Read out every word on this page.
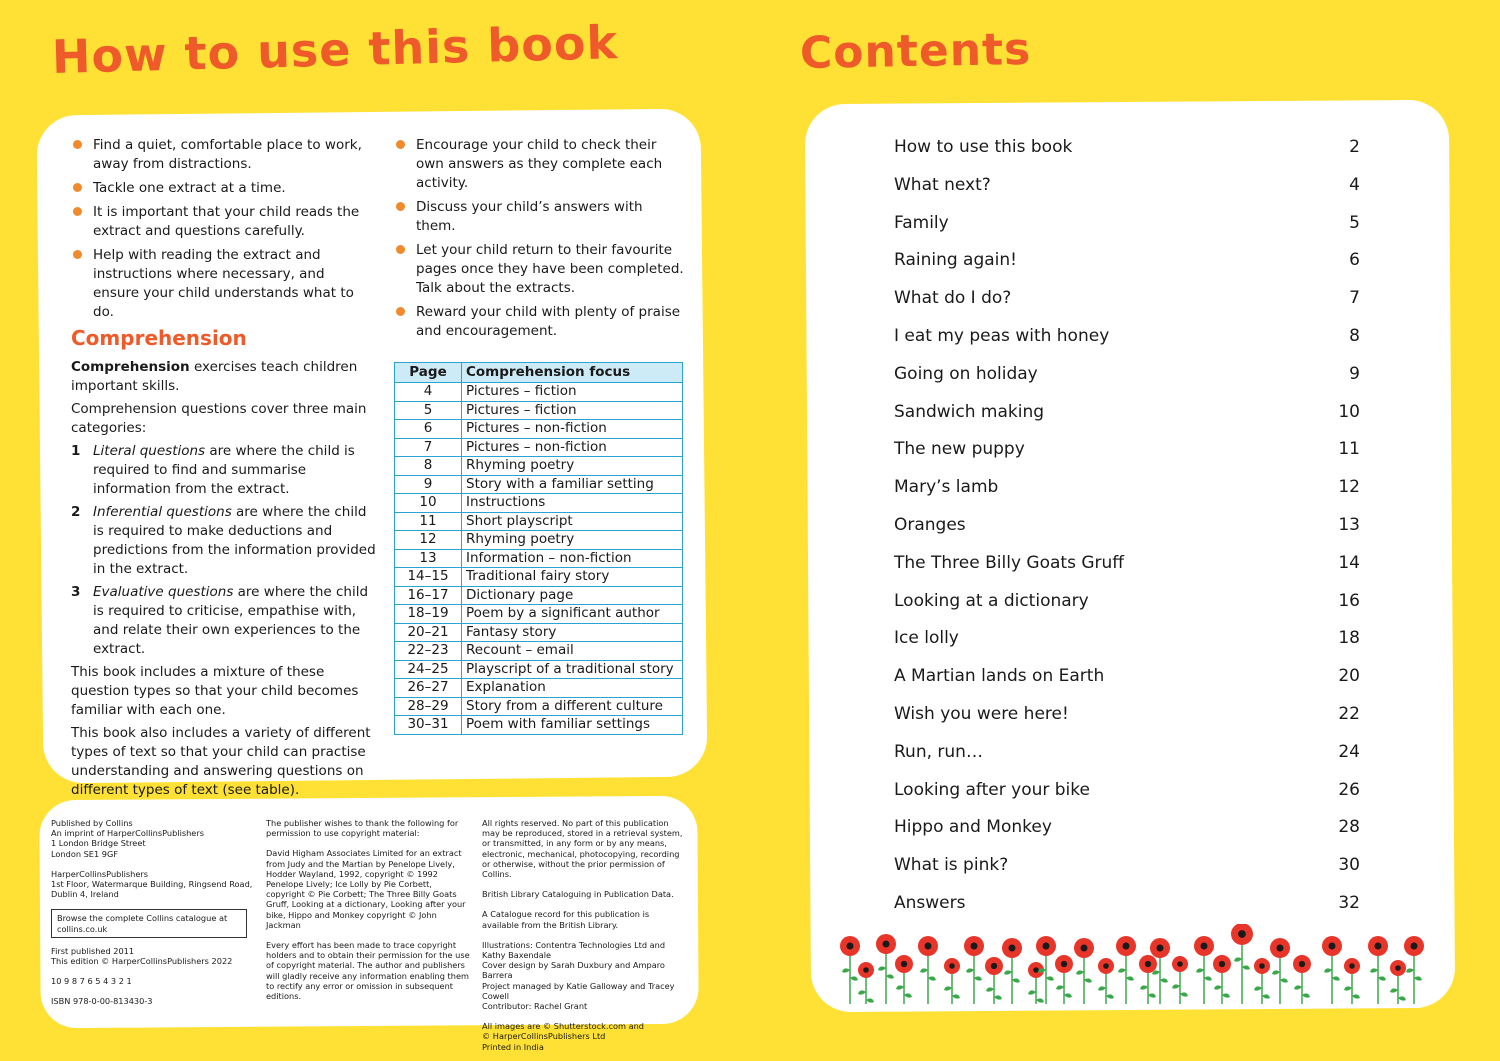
How to use this book	Contents
Find a quiet, comfortable place to work, away from distractions.
Tackle one extract at a time.
It is important that your child reads the extract and questions carefully.
Help with reading the extract and instructions where necessary, and ensure your child understands what to do.
Encourage your child to check their own answers as they complete each activity.
Discuss your child’s answers with them.
Let your child return to their favourite pages once they have been completed. Talk about the extracts.
Reward your child with plenty of praise and encouragement.
Comprehension

Comprehension exercises teach children important skills.

Comprehension questions cover three main categories:

1 Literal questions are where the child is required to find and summarise information from the extract.
2 Inferential questions are where the child is required to make deductions and predictions from the information provided in the extract.
3 Evaluative questions are where the child is required to criticise, empathise with, and relate their own experiences to the extract.

This book includes a mixture of these question types so that your child becomes familiar with each one.

This book also includes a variety of different types of text so that your child can practise understanding and answering questions on different types of text (see table).

Page	Comprehension focus
4	Pictures – fiction
5	Pictures – fiction
6	Pictures – non-fiction
7	Pictures – non-fiction
8	Rhyming poetry
9	Story with a familiar setting
10	Instructions
11	Short playscript
12	Rhyming poetry
13	Information – non-fiction
14–15	Traditional fairy story
16–17	Dictionary page
18–19	Poem by a significant author
20–21	Fantasy story
22–23	Recount – email
24–25	Playscript of a traditional story
26–27	Explanation
28–29	Story from a different culture
30–31	Poem with familiar settings

Published by Collins
An imprint of HarperCollinsPublishers
1 London Bridge Street
London SE1 9GF

HarperCollinsPublishers
1st Floor, Watermarque Building, Ringsend Road,
Dublin 4, Ireland

Browse the complete Collins catalogue at
collins.co.uk

First published 2011
This edition © HarperCollinsPublishers 2022

10 9 8 7 6 5 4 3 2 1

ISBN 978-0-00-813430-3

The publisher wishes to thank the following for permission to use copyright material:

David Higham Associates Limited for an extract from Judy and the Martian by Penelope Lively, Hodder Wayland, 1992, copyright © 1992 Penelope Lively; Ice Lolly by Pie Corbett, copyright © Pie Corbett; The Three Billy Goats Gruff, Looking at a dictionary, Looking after your bike, Hippo and Monkey copyright © John Jackman

Every effort has been made to trace copyright holders and to obtain their permission for the use of copyright material. The author and publishers will gladly receive any information enabling them to rectify any error or omission in subsequent editions.

All rights reserved. No part of this publication may be reproduced, stored in a retrieval system, or transmitted, in any form or by any means, electronic, mechanical, photocopying, recording or otherwise, without the prior permission of Collins.

British Library Cataloguing in Publication Data.

A Catalogue record for this publication is available from the British Library.

Illustrations: Contentra Technologies Ltd and Kathy Baxendale
Cover design by Sarah Duxbury and Amparo Barrera
Project managed by Katie Galloway and Tracey Cowell
Contributor: Rachel Grant

All images are © Shutterstock.com and
© HarperCollinsPublishers Ltd
Printed in India

How to use this book	2
What next?	4
Family	5
Raining again!	6
What do I do?	7
I eat my peas with honey	8
Going on holiday	9
Sandwich making	10
The new puppy	11
Mary’s lamb	12
Oranges	13
The Three Billy Goats Gruff	14
Looking at a dictionary	16
Ice lolly	18
A Martian lands on Earth	20
Wish you were here!	22
Run, run…	24
Looking after your bike	26
Hippo and Monkey	28
What is pink?	30
Answers	32
